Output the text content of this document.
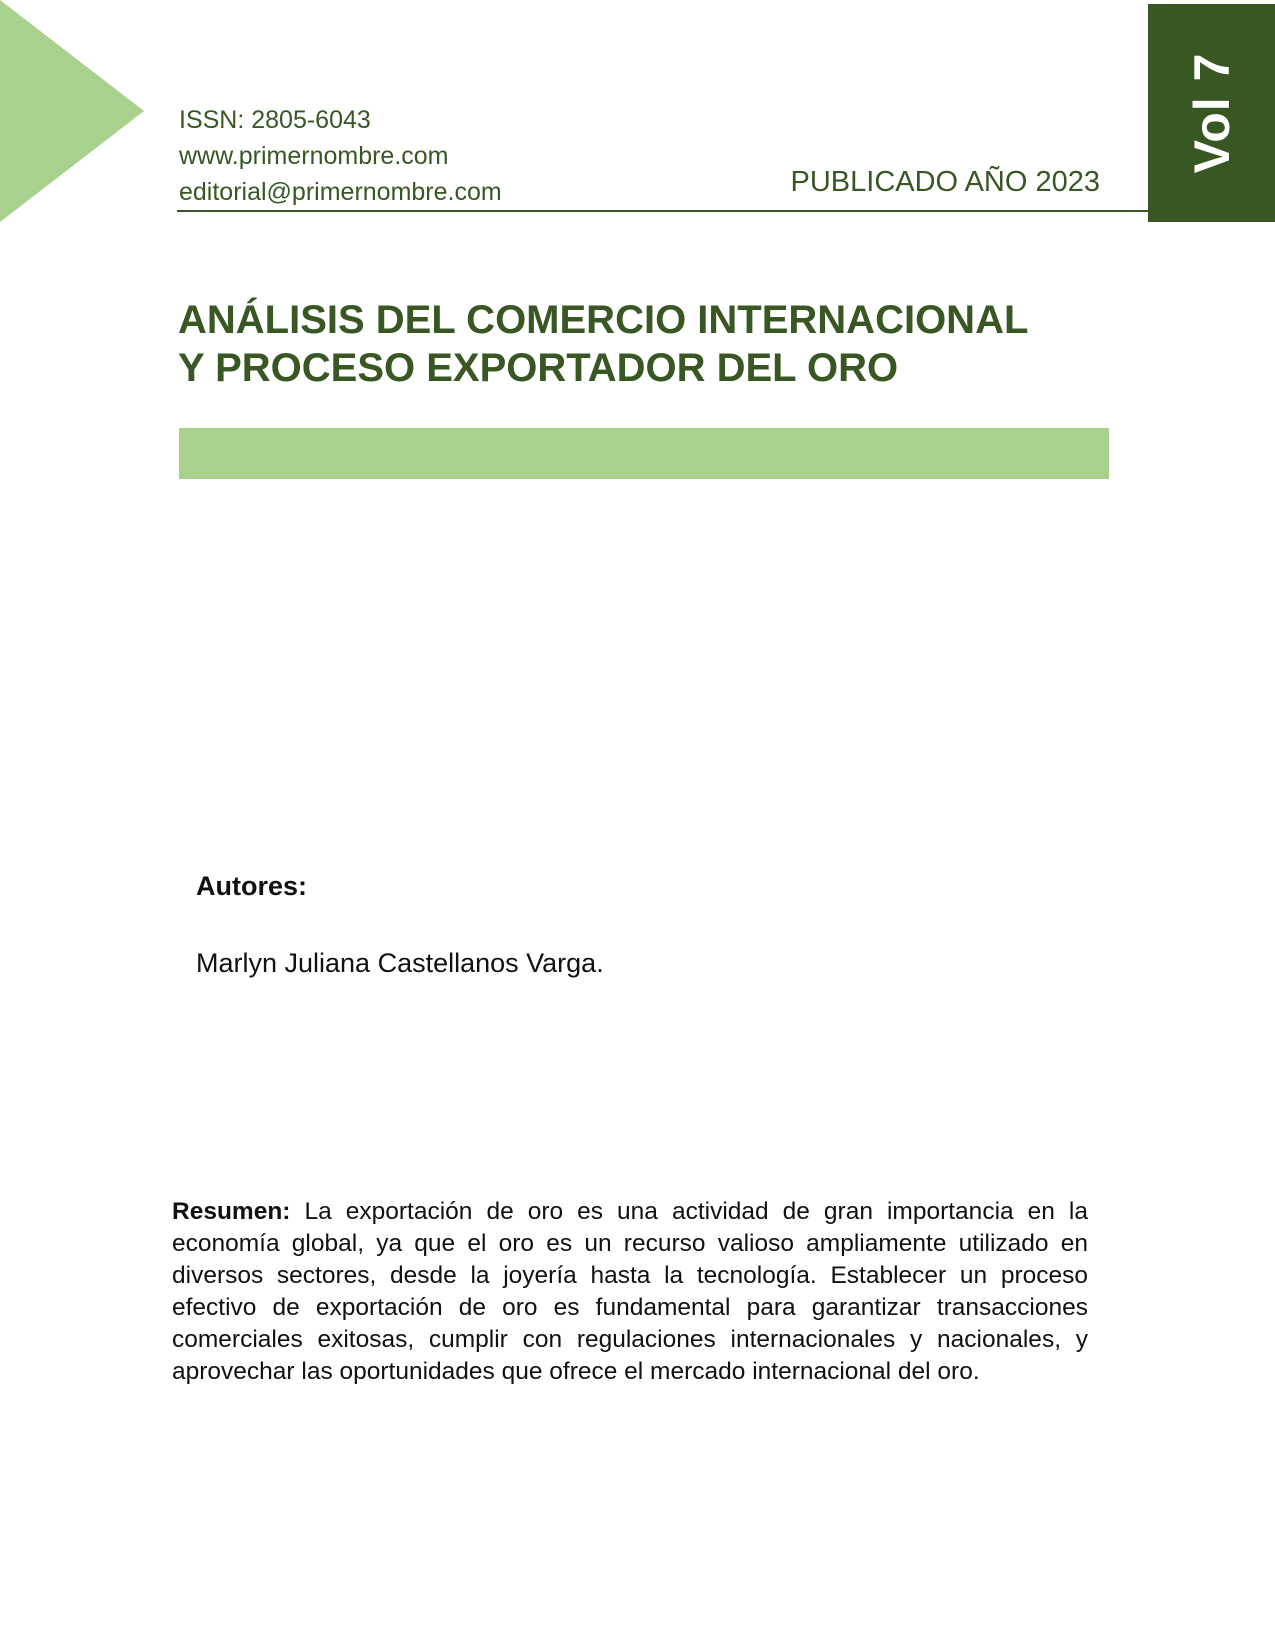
Vol 7
ISSN: 2805-6043
www.primernombre.com
editorial@primernombre.com	PUBLICADO AÑO 2023
ANÁLISIS DEL COMERCIO INTERNACIONAL
Y PROCESO EXPORTADOR DEL ORO
Autores:
Marlyn Juliana Castellanos Varga.

Resumen: La exportación de oro es una actividad de gran importancia en la economía global, ya que el oro es un recurso valioso ampliamente utilizado en diversos sectores, desde la joyería hasta la tecnología. Establecer un proceso efectivo de exportación de oro es fundamental para garantizar transacciones comerciales exitosas, cumplir con regulaciones internacionales y nacionales, y aprovechar las oportunidades que ofrece el mercado internacional del oro.
